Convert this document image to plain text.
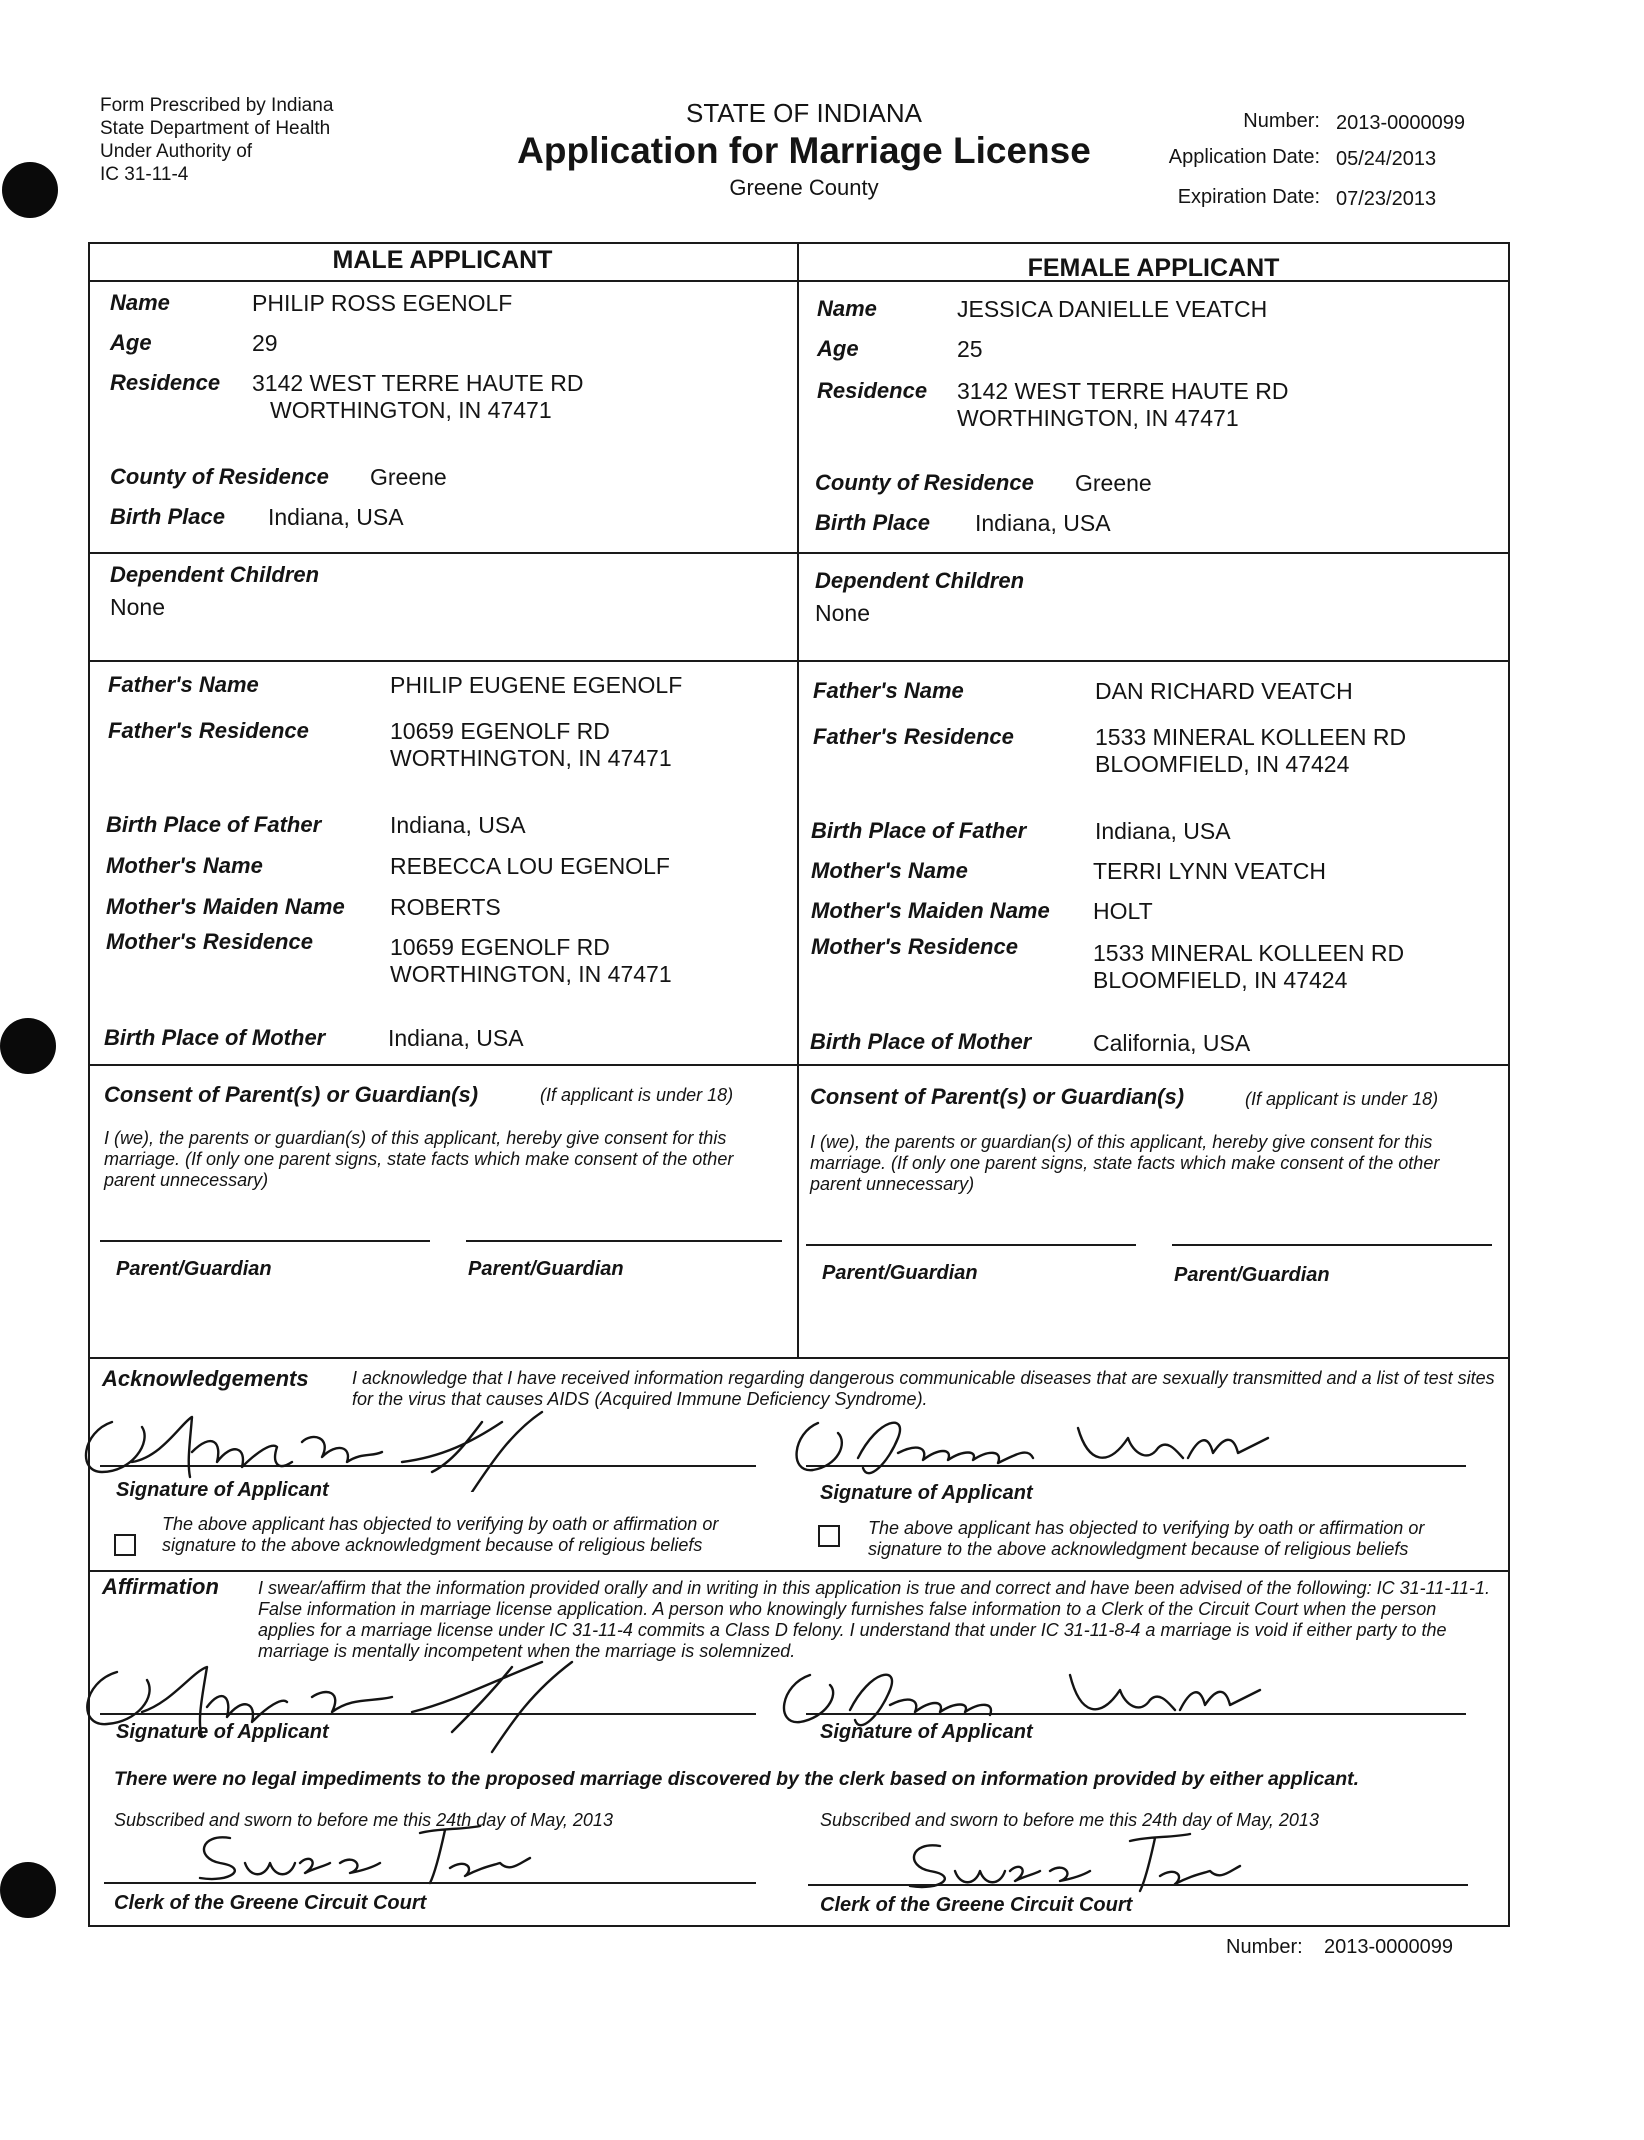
Form Prescribed by Indiana
State Department of Health
Under Authority of
IC 31-11-4
STATE OF INDIANA
Application for Marriage License
Greene County
Number: 2013-0000099
Application Date: 05/24/2013
Expiration Date: 07/23/2013
MALE APPLICANT	FEMALE APPLICANT
Name	PHILIP ROSS EGENOLF
Age	29
Residence 3142 WEST TERRE HAUTE RD
WORTHINGTON, IN 47471
County of Residence Greene
Birth Place Indiana, USA
Dependent Children
None
Father's Name	PHILIP EUGENE EGENOLF
Father's Residence	10659 EGENOLF RD
WORTHINGTON, IN 47471
Birth Place of Father	Indiana, USA
Mother's Name	REBECCA LOU EGENOLF
Mother's Maiden Name ROBERTS
Mother's Residence	10659 EGENOLF RD
WORTHINGTON, IN 47471
Birth Place of Mother	Indiana, USA
Consent of Parent(s) or Guardian(s)	(If applicant is under 18)
I (we), the parents or guardian(s) of this applicant, hereby give consent for this marriage. (If only one parent signs, state facts which make consent of the other parent unnecessary)
Parent/Guardian	Parent/Guardian
Name	JESSICA DANIELLE VEATCH
Age	25
Residence 3142 WEST TERRE HAUTE RD
WORTHINGTON, IN 47471
County of Residence Greene
Birth Place Indiana, USA
Dependent Children
None
Father's Name	DAN RICHARD VEATCH
Father's Residence	1533 MINERAL KOLLEEN RD
BLOOMFIELD, IN 47424
Birth Place of Father	Indiana, USA
Mother's Name	TERRI LYNN VEATCH
Mother's Maiden Name HOLT
Mother's Residence	1533 MINERAL KOLLEEN RD
BLOOMFIELD, IN 47424
Birth Place of Mother	California, USA
Consent of Parent(s) or Guardian(s)	(If applicant is under 18)
I (we), the parents or guardian(s) of this applicant, hereby give consent for this marriage. (If only one parent signs, state facts which make consent of the other parent unnecessary)
Parent/Guardian	Parent/Guardian
Acknowledgements I acknowledge that I have received information regarding dangerous communicable diseases that are sexually transmitted and a list of test sites for the virus that causes AIDS (Acquired Immune Deficiency Syndrome).
Signature of Applicant
The above applicant has objected to verifying by oath or affirmation or signature to the above acknowledgment because of religious beliefs
Signature of Applicant
The above applicant has objected to verifying by oath or affirmation or signature to the above acknowledgment because of religious beliefs
Affirmation I swear/affirm that the information provided orally and in writing in this application is true and correct and have been advised of the following: IC 31-11-11-1. False information in marriage license application. A person who knowingly furnishes false information to a Clerk of the Circuit Court when the person applies for a marriage license under IC 31-11-4 commits a Class D felony. I understand that under IC 31-11-8-4 a marriage is void if either party to the marriage is mentally incompetent when the marriage is solemnized.
Signature of Applicant	Signature of Applicant
There were no legal impediments to the proposed marriage discovered by the clerk based on information provided by either applicant.
Subscribed and sworn to before me this 24th day of May, 2013
Clerk of the Greene Circuit Court
Subscribed and sworn to before me this 24th day of May, 2013
Clerk of the Greene Circuit Court
Number: 2013-0000099
